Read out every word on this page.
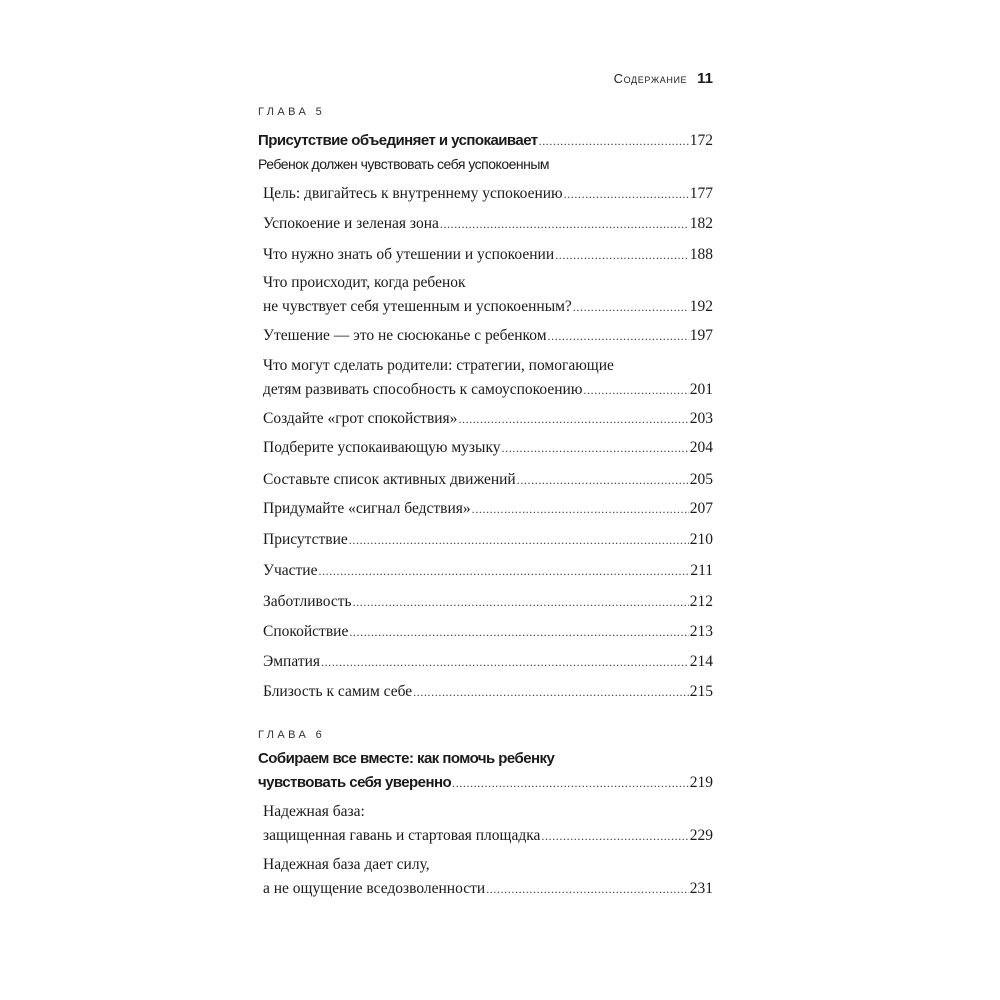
Содержание 11
ГЛАВА 5
Присутствие объединяет и успокаивает .....	172
Ребенок должен чувствовать себя успокоенным
Цель: двигайтесь к внутреннему успокоению .....	177
Успокоение и зеленая зона .....	182
Что нужно знать об утешении и успокоении .....	188
Что происходит, когда ребенок
не чувствует себя утешенным и успокоенным? .....	192
Утешение — это не сюсюканье с ребенком .....	197
Что могут сделать родители: стратегии, помогающие
детям развивать способность к самоуспокоению .....	201
Создайте «грот спокойствия» .....	203
Подберите успокаивающую музыку .....	204
Составьте список активных движений .....	205
Придумайте «сигнал бедствия» .....	207
Присутствие .....	210
Участие .....	211
Заботливость .....	212
Спокойствие .....	213
Эмпатия .....	214
Близость к самим себе .....	215
ГЛАВА 6
Собираем все вместе: как помочь ребенку
чувствовать себя уверенно .....	219
Надежная база:
защищенная гавань и стартовая площадка .....	229
Надежная база дает силу,
а не ощущение вседозволенности .....	231
